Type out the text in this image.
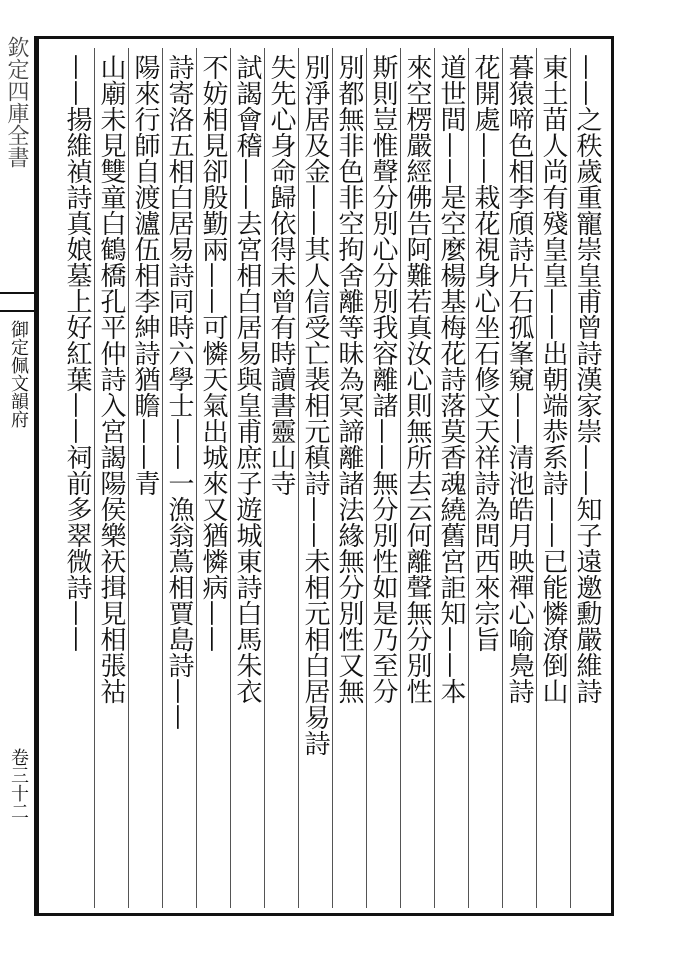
欽定四庫全書
御定佩文韻府
卷三十二
——之秩歲重寵崇皇甫曾詩漢家崇——知子遠邀勳嚴維詩
東土苗人尚有殘皇皇——出朝端恭系詩——已能憐潦倒山
暮猿啼色相李頎詩片石孤峯窺——清池皓月映禪心喻鳧詩
花開處——栽花視身心坐石修文天祥詩為問西來宗旨
道世間——是空麼楊基梅花詩落莫香魂繞舊宮詎知——本
來空楞嚴經佛告阿難若真汝心則無所去云何離聲無分別性
斯則豈惟聲分別心分別我容離諸——無分別性如是乃至分
別都無非色非空拘舍離等昧為冥諦離諸法緣無分別性又無
別淨居及金——其人信受亡裴相元稹詩——未相元相白居易詩
失先心身命歸依得未曾有時讀書靈山寺
試謁會稽——去宮相白居易與皇甫庶子遊城東詩白馬朱衣
不妨相見卻殷勤兩——可憐天氣出城來又猶憐病——
詩寄洛五相白居易詩同時六學士——一漁翁蔦相賈島詩——
陽來行師自渡瀘伍相李紳詩猶瞻——青
山廟未見雙童白鶴橋孔平仲詩入宮謁陽侯樂祆揖見相張祜
——揚維禎詩真娘墓上好紅葉——祠前多翠微詩——
